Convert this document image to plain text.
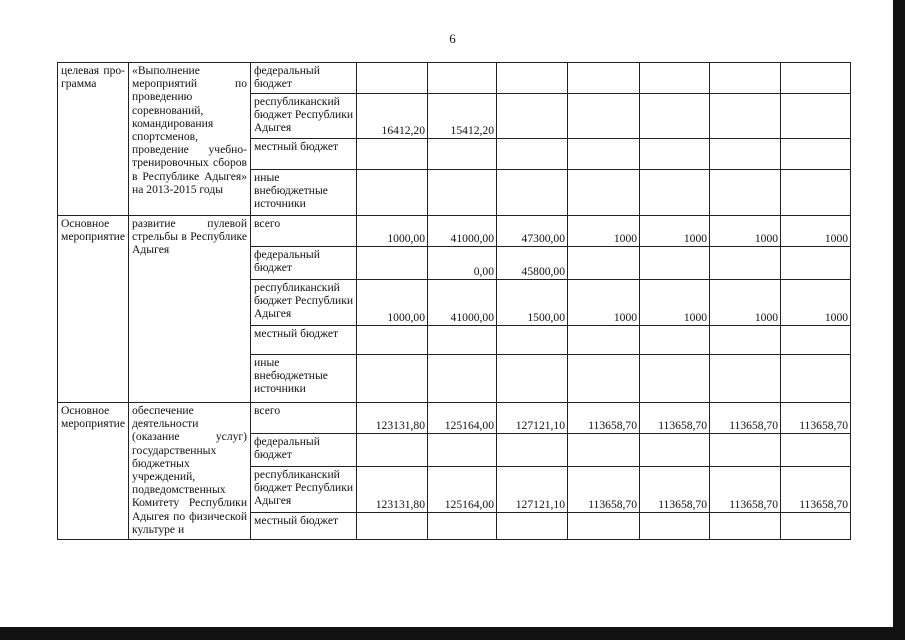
6
целевая про-грамма	«Выполнение мероприятий по проведению соревнований, командирования спортсменов, проведение учебно-тренировочных сборов в Республике Адыгея» на 2013-2015 годы	федеральный бюджет							
		республиканский бюджет Республики Адыгея	16412,20	15412,20					
		местный бюджет							
		иные внебюджетные источники							
Основное мероприятие	развитие пулевой стрельбы в Республике Адыгея	всего	1000,00	41000,00	47300,00	1000	1000	1000	1000
		федеральный бюджет		0,00	45800,00				
		республиканский бюджет Республики Адыгея	1000,00	41000,00	1500,00	1000	1000	1000	1000
		местный бюджет							
		иные внебюджетные источники							
Основное мероприятие	обеспечение деятельности (оказание услуг) государственных бюджетных учреждений, подведомственных Комитету Республики Адыгея по физической культуре и	всего	123131,80	125164,00	127121,10	113658,70	113658,70	113658,70	113658,70
		федеральный бюджет							
		республиканский бюджет Республики Адыгея	123131,80	125164,00	127121,10	113658,70	113658,70	113658,70	113658,70
		местный бюджет							
